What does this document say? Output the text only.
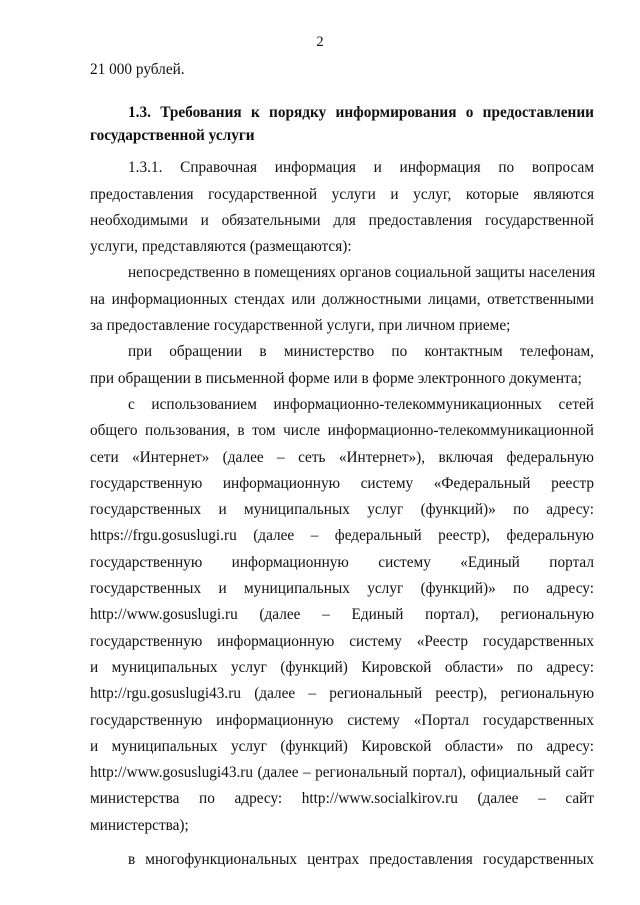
2
21 000 рублей.
1.3. Требования к порядку информирования о предоставлении
государственной услуги
1.3.1. Справочная информация и информация по вопросам
предоставления государственной услуги и услуг, которые являются
необходимыми и обязательными для предоставления государственной
услуги, представляются (размещаются):
непосредственно в помещениях органов социальной защиты населения
на информационных стендах или должностными лицами, ответственными
за предоставление государственной услуги, при личном приеме;
при обращении в министерство по контактным телефонам,
при обращении в письменной форме или в форме электронного документа;
с использованием информационно-телекоммуникационных сетей
общего пользования, в том числе информационно-телекоммуникационной
сети «Интернет» (далее – сеть «Интернет»), включая федеральную
государственную информационную систему «Федеральный реестр
государственных и муниципальных услуг (функций)» по адресу:
https://frgu.gosuslugi.ru (далее – федеральный реестр), федеральную
государственную информационную систему «Единый портал
государственных и муниципальных услуг (функций)» по адресу:
http://www.gosuslugi.ru (далее – Единый портал), региональную
государственную информационную систему «Реестр государственных
и муниципальных услуг (функций) Кировской области» по адресу:
http://rgu.gosuslugi43.ru (далее – региональный реестр), региональную
государственную информационную систему «Портал государственных
и муниципальных услуг (функций) Кировской области» по адресу:
http://www.gosuslugi43.ru (далее – региональный портал), официальный сайт
министерства по адресу: http://www.socialkirov.ru (далее – сайт
министерства);
в многофункциональных центрах предоставления государственных
